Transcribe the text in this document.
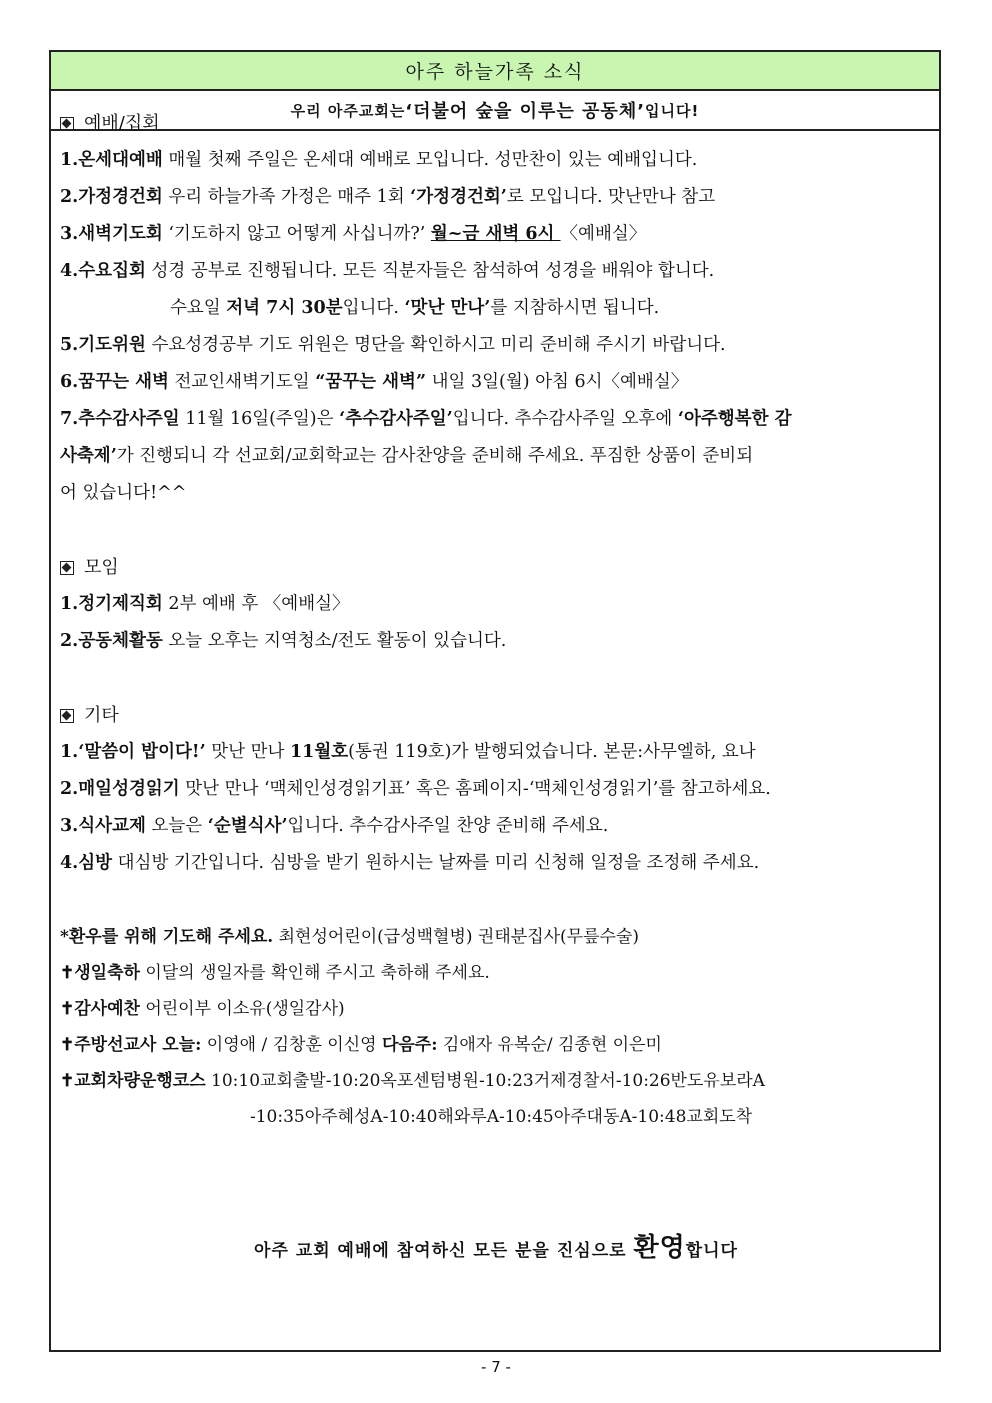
아주 하늘가족 소식
우리 아주교회는 ‘더불어 숲을 이루는 공동체’ 입니다!
예배/집회
1.온세대예배 매월 첫째 주일은 온세대 예배로 모입니다. 성만찬이 있는 예배입니다.
2.가정경건회 우리 하늘가족 가정은 매주 1회 ‘가정경건회’로 모입니다. 맛난만나 참고
3.새벽기도회 ‘기도하지 않고 어떻게 사십니까?’ 월~금 새벽 6시 〈예배실〉
4.수요집회 성경 공부로 진행됩니다. 모든 직분자들은 참석하여 성경을 배워야 합니다.
수요일 저녁 7시 30분입니다. ‘맛난 만나’를 지참하시면 됩니다.
5.기도위원 수요성경공부 기도 위원은 명단을 확인하시고 미리 준비해 주시기 바랍니다.
6.꿈꾸는 새벽 전교인새벽기도일 “꿈꾸는 새벽” 내일 3일(월) 아침 6시〈예배실〉
7.추수감사주일 11월 16일(주일)은 ‘추수감사주일’입니다. 추수감사주일 오후에 ‘아주행복한 감
사축제’가 진행되니 각 선교회/교회학교는 감사찬양을 준비해 주세요. 푸짐한 상품이 준비되
어 있습니다!^^
모임
1.정기제직회 2부 예배 후 〈예배실〉
2.공동체활동 오늘 오후는 지역청소/전도 활동이 있습니다.
기타
1.‘말씀이 밥이다!’ 맛난 만나 11월호(통권 119호)가 발행되었습니다. 본문:사무엘하, 요나
2.매일성경읽기 맛난 만나 ‘맥체인성경읽기표’ 혹은 홈페이지-‘맥체인성경읽기’를 참고하세요.
3.식사교제 오늘은 ‘순별식사’입니다. 추수감사주일 찬양 준비해 주세요.
4.심방 대심방 기간입니다. 심방을 받기 원하시는 날짜를 미리 신청해 일정을 조정해 주세요.
*환우를 위해 기도해 주세요. 최현성어린이(급성백혈병) 권태분집사(무릎수술)
✝생일축하 이달의 생일자를 확인해 주시고 축하해 주세요.
✝감사예찬 어린이부 이소유(생일감사)
✝주방선교사 오늘: 이영애 / 김창훈 이신영 다음주: 김애자 유복순/ 김종현 이은미
✝교회차량운행코스 10:10교회출발-10:20옥포센텀병원-10:23거제경찰서-10:26반도유보라A
-10:35아주혜성A-10:40해와루A-10:45아주대동A-10:48교회도착
아주 교회 예배에 참여하신 모든 분을 진심으로 환영합니다
- 7 -
